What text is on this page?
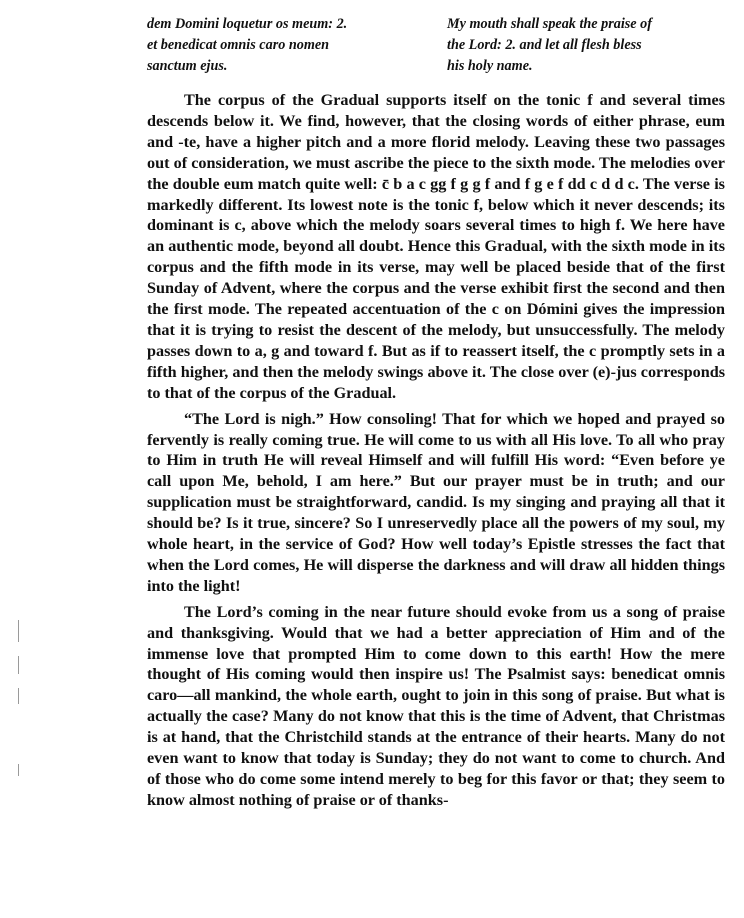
dem Domini loquetur os meum: 2.
et benedicat omnis caro nomen
sanctum ejus.
My mouth shall speak the praise of
the Lord: 2. and let all flesh bless
his holy name.

The corpus of the Gradual supports itself on the tonic f and several times descends below it. We find, however, that the closing words of either phrase, eum and -te, have a higher pitch and a more florid melody. Leaving these two passages out of consideration, we must ascribe the piece to the sixth mode. The melodies over the double eum match quite well: c̄ b a c gg f g g f and f g e f dd c d d c. The verse is markedly different. Its lowest note is the tonic f, below which it never descends; its dominant is c, above which the melody soars several times to high f. We here have an authentic mode, beyond all doubt. Hence this Gradual, with the sixth mode in its corpus and the fifth mode in its verse, may well be placed beside that of the first Sunday of Advent, where the corpus and the verse exhibit first the second and then the first mode. The repeated accentuation of the c on Dómini gives the impression that it is trying to resist the descent of the melody, but unsuccessfully. The melody passes down to a, g and toward f. But as if to reassert itself, the c promptly sets in a fifth higher, and then the melody swings above it. The close over (e)-jus corresponds to that of the corpus of the Gradual.

“The Lord is nigh.” How consoling! That for which we hoped and prayed so fervently is really coming true. He will come to us with all His love. To all who pray to Him in truth He will reveal Himself and will fulfill His word: “Even before ye call upon Me, behold, I am here.” But our prayer must be in truth; and our supplication must be straightforward, candid. Is my singing and praying all that it should be? Is it true, sincere? So I unreservedly place all the powers of my soul, my whole heart, in the service of God? How well today’s Epistle stresses the fact that when the Lord comes, He will disperse the darkness and will draw all hidden things into the light!

The Lord’s coming in the near future should evoke from us a song of praise and thanksgiving. Would that we had a better appreciation of Him and of the immense love that prompted Him to come down to this earth! How the mere thought of His coming would then inspire us! The Psalmist says: benedicat omnis caro—all mankind, the whole earth, ought to join in this song of praise. But what is actually the case? Many do not know that this is the time of Advent, that Christmas is at hand, that the Christchild stands at the entrance of their hearts. Many do not even want to know that today is Sunday; they do not want to come to church. And of those who do come some intend merely to beg for this favor or that; they seem to know almost nothing of praise or of thanks-
